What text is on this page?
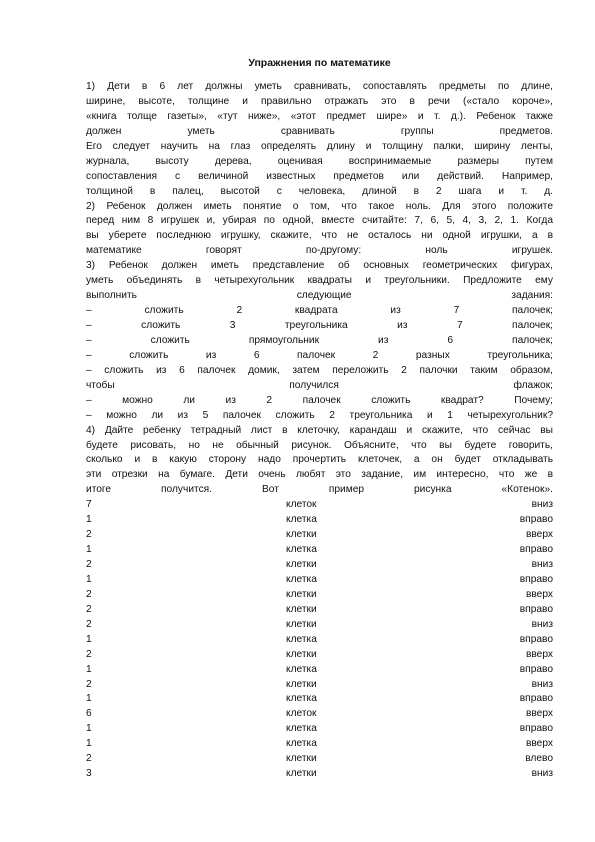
Упражнения по математике
1) Дети в 6 лет должны уметь сравнивать, сопоставлять предметы по длине,
ширине, высоте, толщине и правильно отражать это в речи («стало короче»,
«книга толще газеты», «тут ниже», «этот предмет шире» и т. д.). Ребенок также
должен уметь сравнивать группы предметов.
Его следует научить на глаз определять длину и толщину палки, ширину ленты,
журнала, высоту дерева, оценивая воспринимаемые размеры путем
сопоставления с величиной известных предметов или действий. Например,
толщиной в палец, высотой с человека, длиной в 2 шага и т. д.
2) Ребенок должен иметь понятие о том, что такое ноль. Для этого положите
перед ним 8 игрушек и, убирая по одной, вместе считайте: 7, 6, 5, 4, 3, 2, 1. Когда
вы уберете последнюю игрушку, скажите, что не осталось ни одной игрушки, а в
математике говорят по-другому: ноль игрушек.
3) Ребенок должен иметь представление об основных геометрических фигурах,
уметь объединять в четырехугольник квадраты и треугольники. Предложите ему
выполнить следующие задания:
– сложить 2 квадрата из 7 палочек;
– сложить 3 треугольника из 7 палочек;
– сложить прямоугольник из 6 палочек;
– сложить из 6 палочек 2 разных треугольника;
– сложить из 6 палочек домик, затем переложить 2 палочки таким образом,
чтобы получился флажок;
– можно ли из 2 палочек сложить квадрат? Почему;
– можно ли из 5 палочек сложить 2 треугольника и 1 четырехугольник?
4) Дайте ребенку тетрадный лист в клеточку, карандаш и скажите, что сейчас вы
будете рисовать, но не обычный рисунок. Объясните, что вы будете говорить,
сколько и в какую сторону надо прочертить клеточек, а он будет откладывать
эти отрезки на бумаге. Дети очень любят это задание, им интересно, что же в
итоге получится. Вот пример рисунка «Котенок».
7	клеток	вниз
1	клетка	вправо
2	клетки	вверх
1	клетка	вправо
2	клетки	вниз
1	клетка	вправо
2	клетки	вверх
2	клетки	вправо
2	клетки	вниз
1	клетка	вправо
2	клетки	вверх
1	клетка	вправо
2	клетки	вниз
1	клетка	вправо
6	клеток	вверх
1	клетка	вправо
1	клетка	вверх
2	клетки	влево
3	клетки	вниз
